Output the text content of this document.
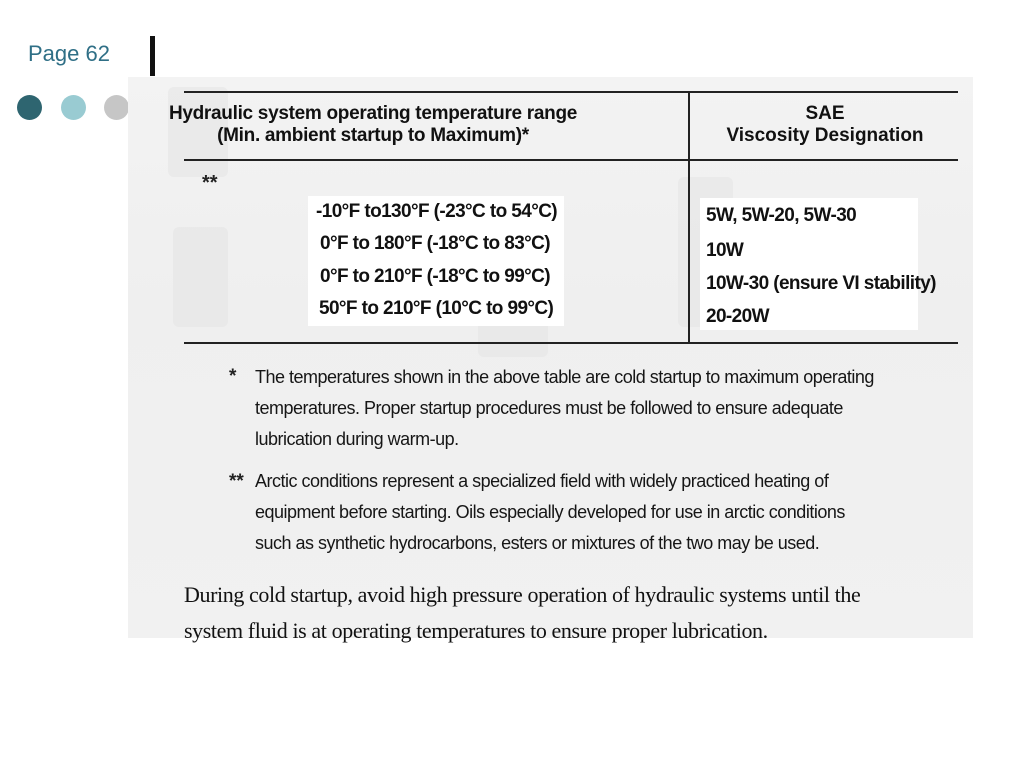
Page 62
Hydraulic system operating temperature range
(Min. ambient startup to Maximum)*
SAE
Viscosity Designation
**
-10°F to130°F (-23°C to 54°C)
0°F to 180°F (-18°C to 83°C)
0°F to 210°F (-18°C to 99°C)
50°F to 210°F (10°C to 99°C)
5W, 5W-20, 5W-30
10W
10W-30 (ensure VI stability)
20-20W
* The temperatures shown in the above table are cold startup to maximum operating
temperatures. Proper startup procedures must be followed to ensure adequate
lubrication during warm-up.
** Arctic conditions represent a specialized field with widely practiced heating of
equipment before starting. Oils especially developed for use in arctic conditions
such as synthetic hydrocarbons, esters or mixtures of the two may be used.
During cold startup, avoid high pressure operation of hydraulic systems until the
system fluid is at operating temperatures to ensure proper lubrication.
